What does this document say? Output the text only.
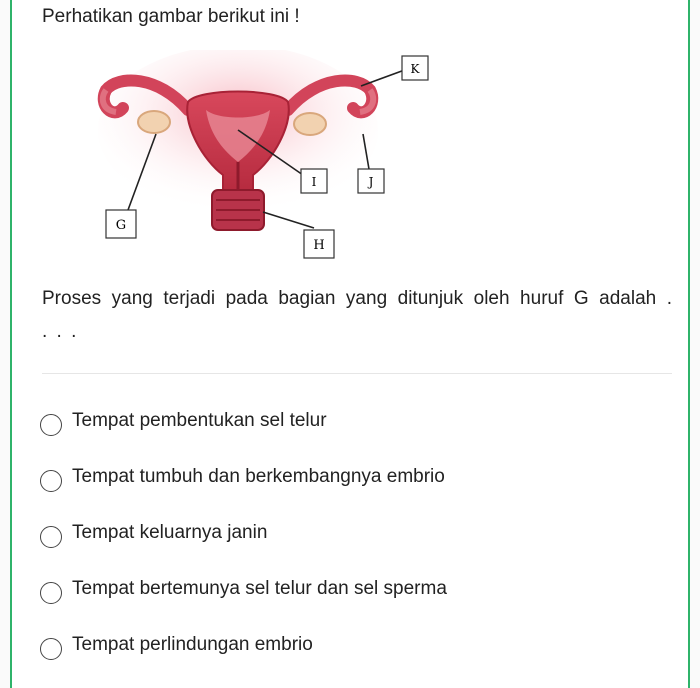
Perhatikan gambar berikut ini !
K
I	J
G
H
Proses yang terjadi pada bagian yang ditunjuk oleh huruf G adalah . . . .
Tempat pembentukan sel telur
Tempat tumbuh dan berkembangnya embrio
Tempat keluarnya janin
Tempat bertemunya sel telur dan sel sperma
Tempat perlindungan embrio
